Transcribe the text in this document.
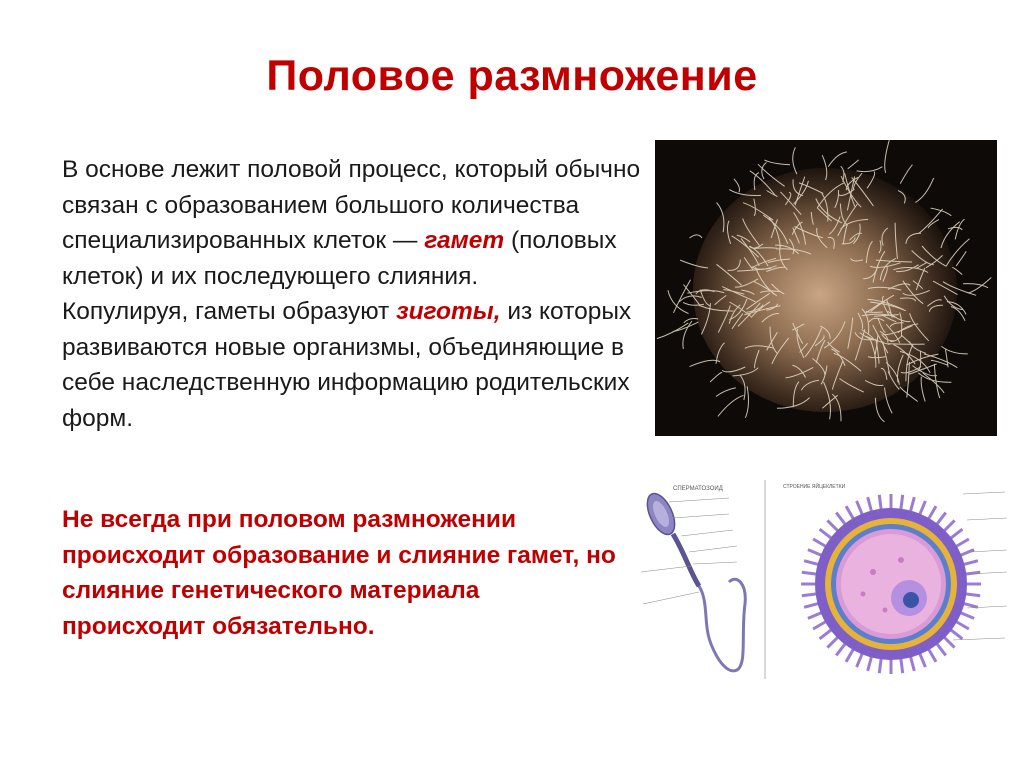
Половое размножение
В основе лежит половой процесс, который обычно связан с образованием большого количества специализированных клеток — гамет (половых клеток) и их последующего слияния.
Копулируя, гаметы образуют зиготы, из которых развиваются новые организмы, объединяющие в себе наследственную информацию родительских форм.
Не всегда при половом размножении происходит образование и слияние гамет, но слияние генетического материала происходит обязательно.
СПЕРМАТОЗОИД	СТРОЕНИЕ ЯЙЦЕКЛЕТКИ
